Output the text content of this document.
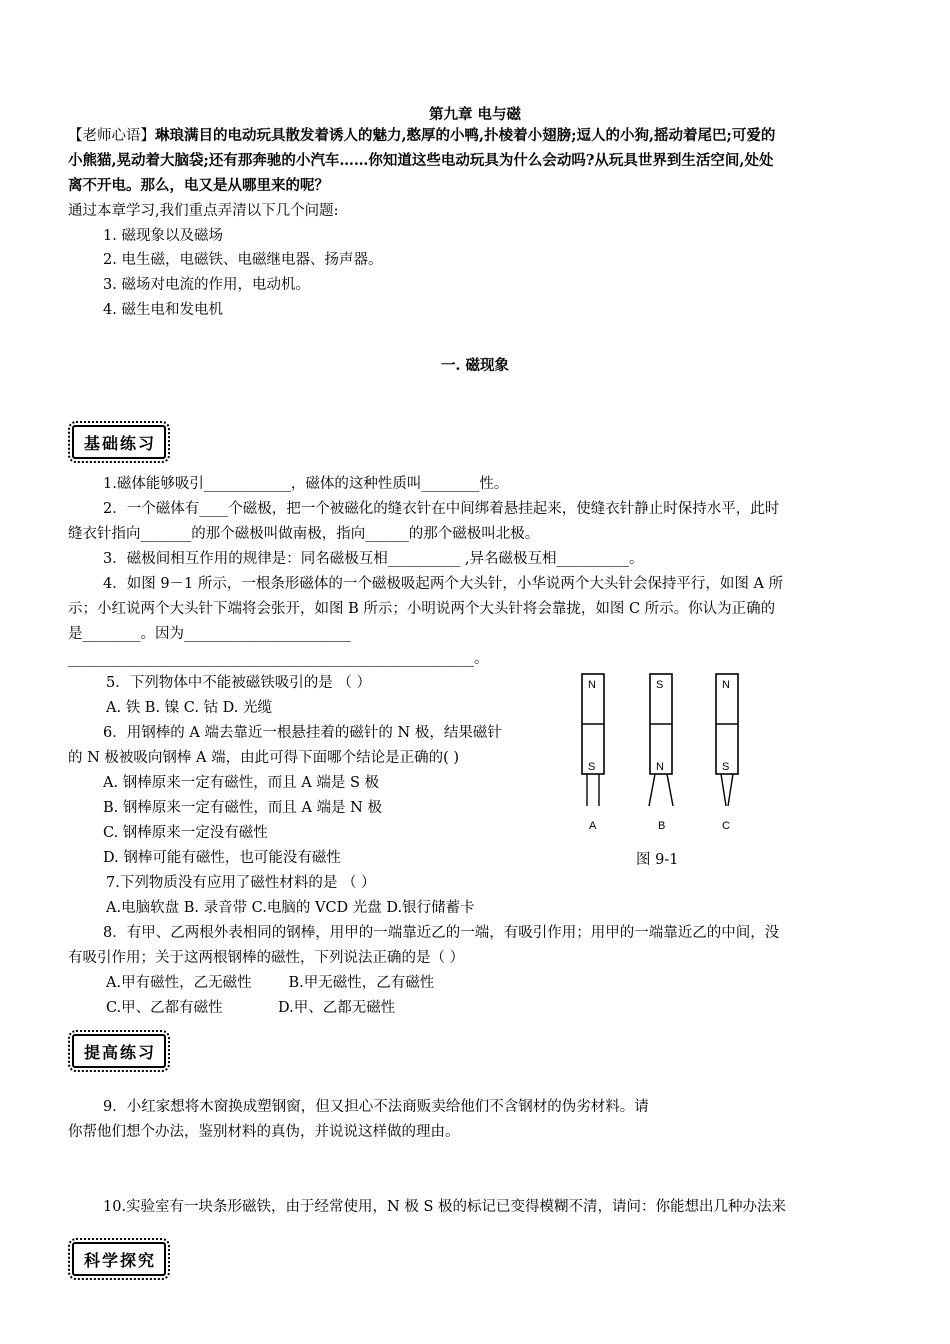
第九章 电与磁
【老师心语】琳琅满目的电动玩具散发着诱人的魅力,憨厚的小鸭,扑棱着小翅膀;逗人的小狗,摇动着尾巴;可爱的
小熊猫,晃动着大脑袋;还有那奔驰的小汽车……你知道这些电动玩具为什么会动吗?从玩具世界到生活空间,处处
离不开电。那么，电又是从哪里来的呢？
通过本章学习,我们重点弄清以下几个问题:
1. 磁现象以及磁场
2. 电生磁，电磁铁、电磁继电器、扬声器。
3. 磁场对电流的作用，电动机。
4. 磁生电和发电机
一. 磁现象
基础练习
1.磁体能够吸引____________，磁体的这种性质叫________性。
2．一个磁体有____个磁极，把一个被磁化的缝衣针在中间绑着悬挂起来，使缝衣针静止时保持水平，此时
缝衣针指向_______的那个磁极叫做南极，指向______的那个磁极叫北极。
3．磁极间相互作用的规律是：同名磁极互相__________ ,异名磁极互相__________。
4．如图 9－1 所示，一根条形磁体的一个磁极吸起两个大头针，小华说两个大头针会保持平行，如图 A 所
示；小红说两个大头针下端将会张开，如图 B 所示；小明说两个大头针将会靠拢，如图 C 所示。你认为正确的
是________。因为_______________________
________________________________________________________。
5．下列物体中不能被磁铁吸引的是 （ ）
A. 铁 B. 镍 C. 钴 D. 光缆
6．用钢棒的 A 端去靠近一根悬挂着的磁针的 N 极，结果磁针
的 N 极被吸向钢棒 A 端，由此可得下面哪个结论是正确的( )
A. 钢棒原来一定有磁性，而且 A 端是 S 极
B. 钢棒原来一定有磁性，而且 A 端是 N 极
C. 钢棒原来一定没有磁性
D. 钢棒可能有磁性，也可能没有磁性
7.下列物质没有应用了磁性材料的是 （ ）
A.电脑软盘 B. 录音带 C.电脑的 VCD 光盘 D.银行储蓄卡
8．有甲、乙两根外表相同的钢棒，用甲的一端靠近乙的一端，有吸引作用；用甲的一端靠近乙的中间，没
有吸引作用；关于这两根钢棒的磁性，下列说法正确的是（ ）
A.甲有磁性，乙无磁性        B.甲无磁性，乙有磁性
C.甲、乙都有磁性            D.甲、乙都无磁性
N
S
A
S
N
B
N
S
C
图 9-1
提高练习
9．小红家想将木窗换成塑钢窗，但又担心不法商贩卖给他们不含钢材的伪劣材料。请
你帮他们想个办法，鉴别材料的真伪，并说说这样做的理由。
10.实验室有一块条形磁铁，由于经常使用，N 极 S 极的标记已变得模糊不清，请问：你能想出几种办法来
科学探究
